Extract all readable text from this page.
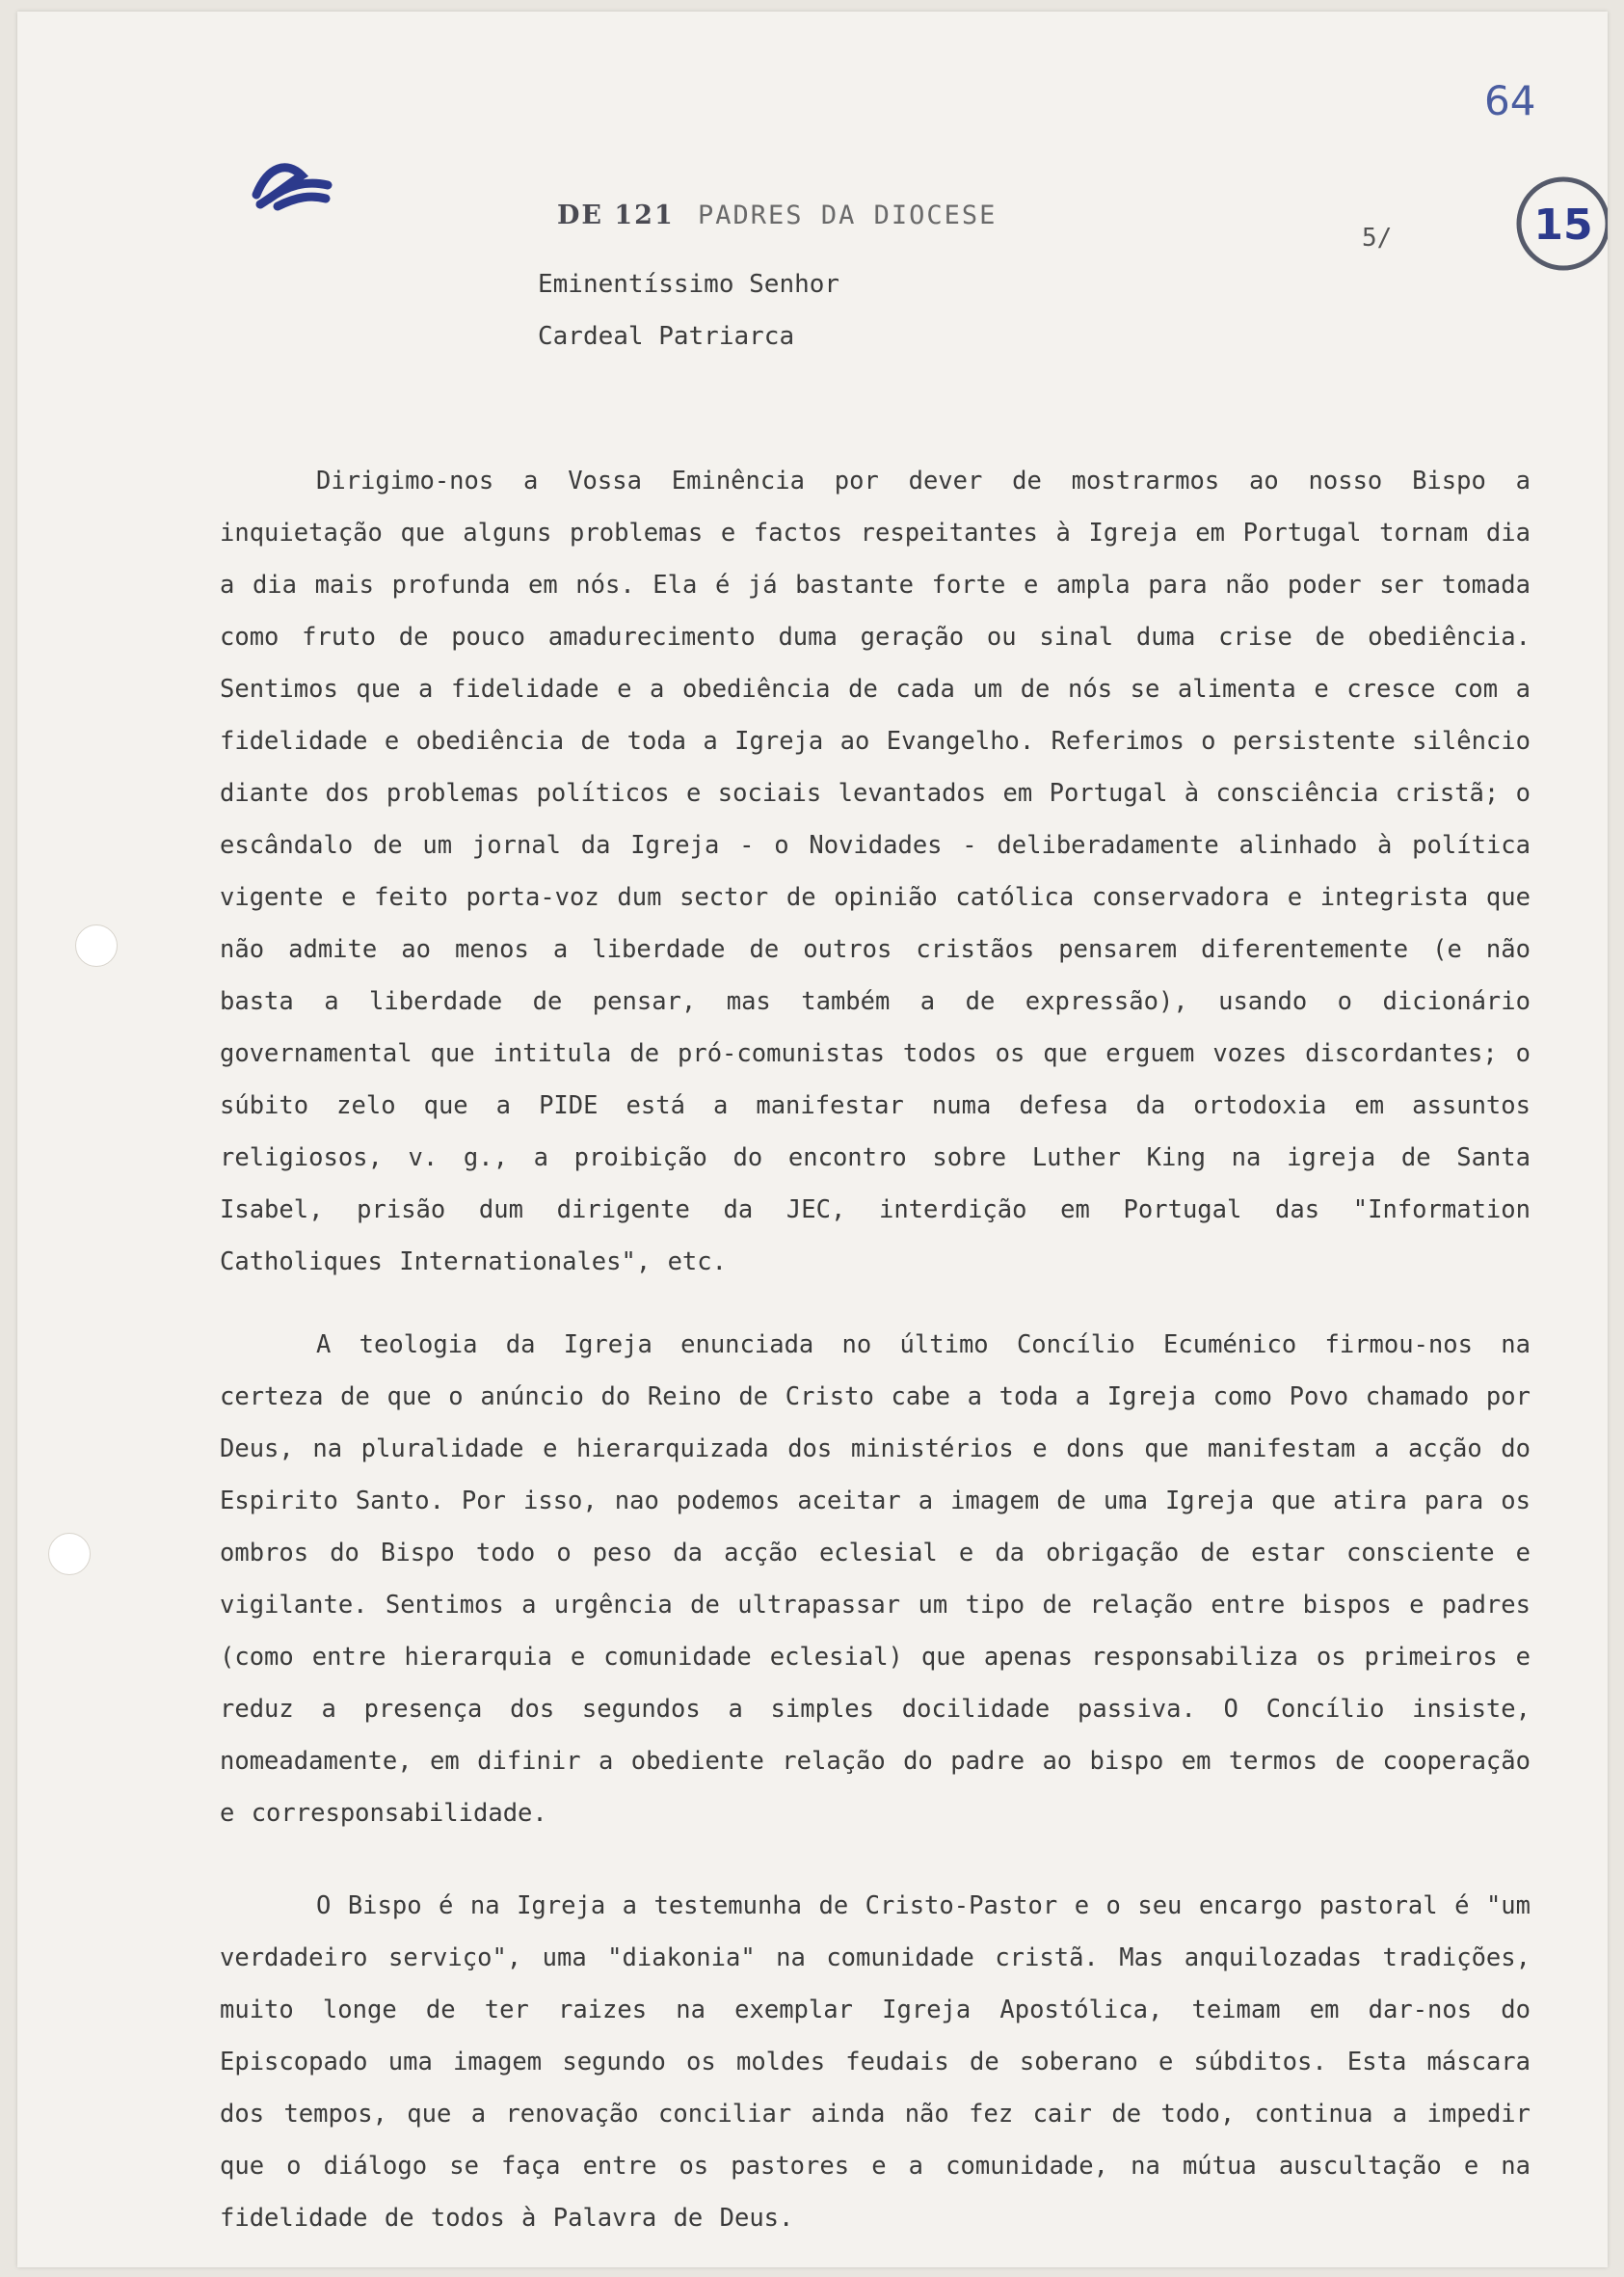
64
15
DE 121 PADRES DA DIOCESE
5/
Eminentíssimo Senhor
Cardeal Patriarca
Dirigimo-nos a Vossa Eminência por dever de mostrarmos ao nosso Bispo a inquietação que alguns problemas e factos respeitantes à Igreja em Portugal tornam dia a dia mais profunda em nós. Ela é já bastante forte e ampla para não poder ser tomada como fruto de pouco amadurecimento duma geração ou sinal duma crise de obediência. Sentimos que a fidelidade e a obediência de cada um de nós se alimenta e cresce com a fidelidade e obediência de toda a Igreja ao Evangelho. Referimos o persistente silêncio diante dos problemas políticos e sociais levantados em Portugal à consciência cristã; o escândalo de um jornal da Igreja - o Novidades - deliberadamente alinhado à política vigente e feito porta-voz dum sector de opinião católica conservadora e integrista que não admite ao menos a liberdade de outros cristãos pensarem diferentemente (e não basta a liberdade de pensar, mas também a de expressão), usando o dicionário governamental que intitula de pró-comunistas todos os que erguem vozes discordantes; o súbito zelo que a PIDE está a manifestar numa defesa da ortodoxia em assuntos religiosos, v. g., a proibição do encontro sobre Luther King na igreja de Santa Isabel, prisão dum dirigente da JEC, interdição em Portugal das "Information Catholiques Internationales", etc.
A teologia da Igreja enunciada no último Concílio Ecuménico firmou-nos na certeza de que o anúncio do Reino de Cristo cabe a toda a Igreja como Povo chamado por Deus, na pluralidade e hierarquizada dos ministérios e dons que manifestam a acção do Espirito Santo. Por isso, nao podemos aceitar a imagem de uma Igreja que atira para os ombros do Bispo todo o peso da acção eclesial e da obrigação de estar consciente e vigilante. Sentimos a urgência de ultrapassar um tipo de relação entre bispos e padres (como entre hierarquia e comunidade eclesial) que apenas responsabiliza os primeiros e reduz a presença dos segundos a simples docilidade passiva. O Concílio insiste, nomeadamente, em difinir a obediente relação do padre ao bispo em termos de cooperação e corresponsabilidade.
O Bispo é na Igreja a testemunha de Cristo-Pastor e o seu encargo pastoral é "um verdadeiro serviço", uma "diakonia" na comunidade cristã. Mas anquilozadas tradições, muito longe de ter raizes na exemplar Igreja Apostólica, teimam em dar-nos do Episcopado uma imagem segundo os moldes feudais de soberano e súbditos. Esta máscara dos tempos, que a renovação conciliar ainda não fez cair de todo, continua a impedir que o diálogo se faça entre os pastores e a comunidade, na mútua auscultação e na fidelidade de todos à Palavra de Deus.
